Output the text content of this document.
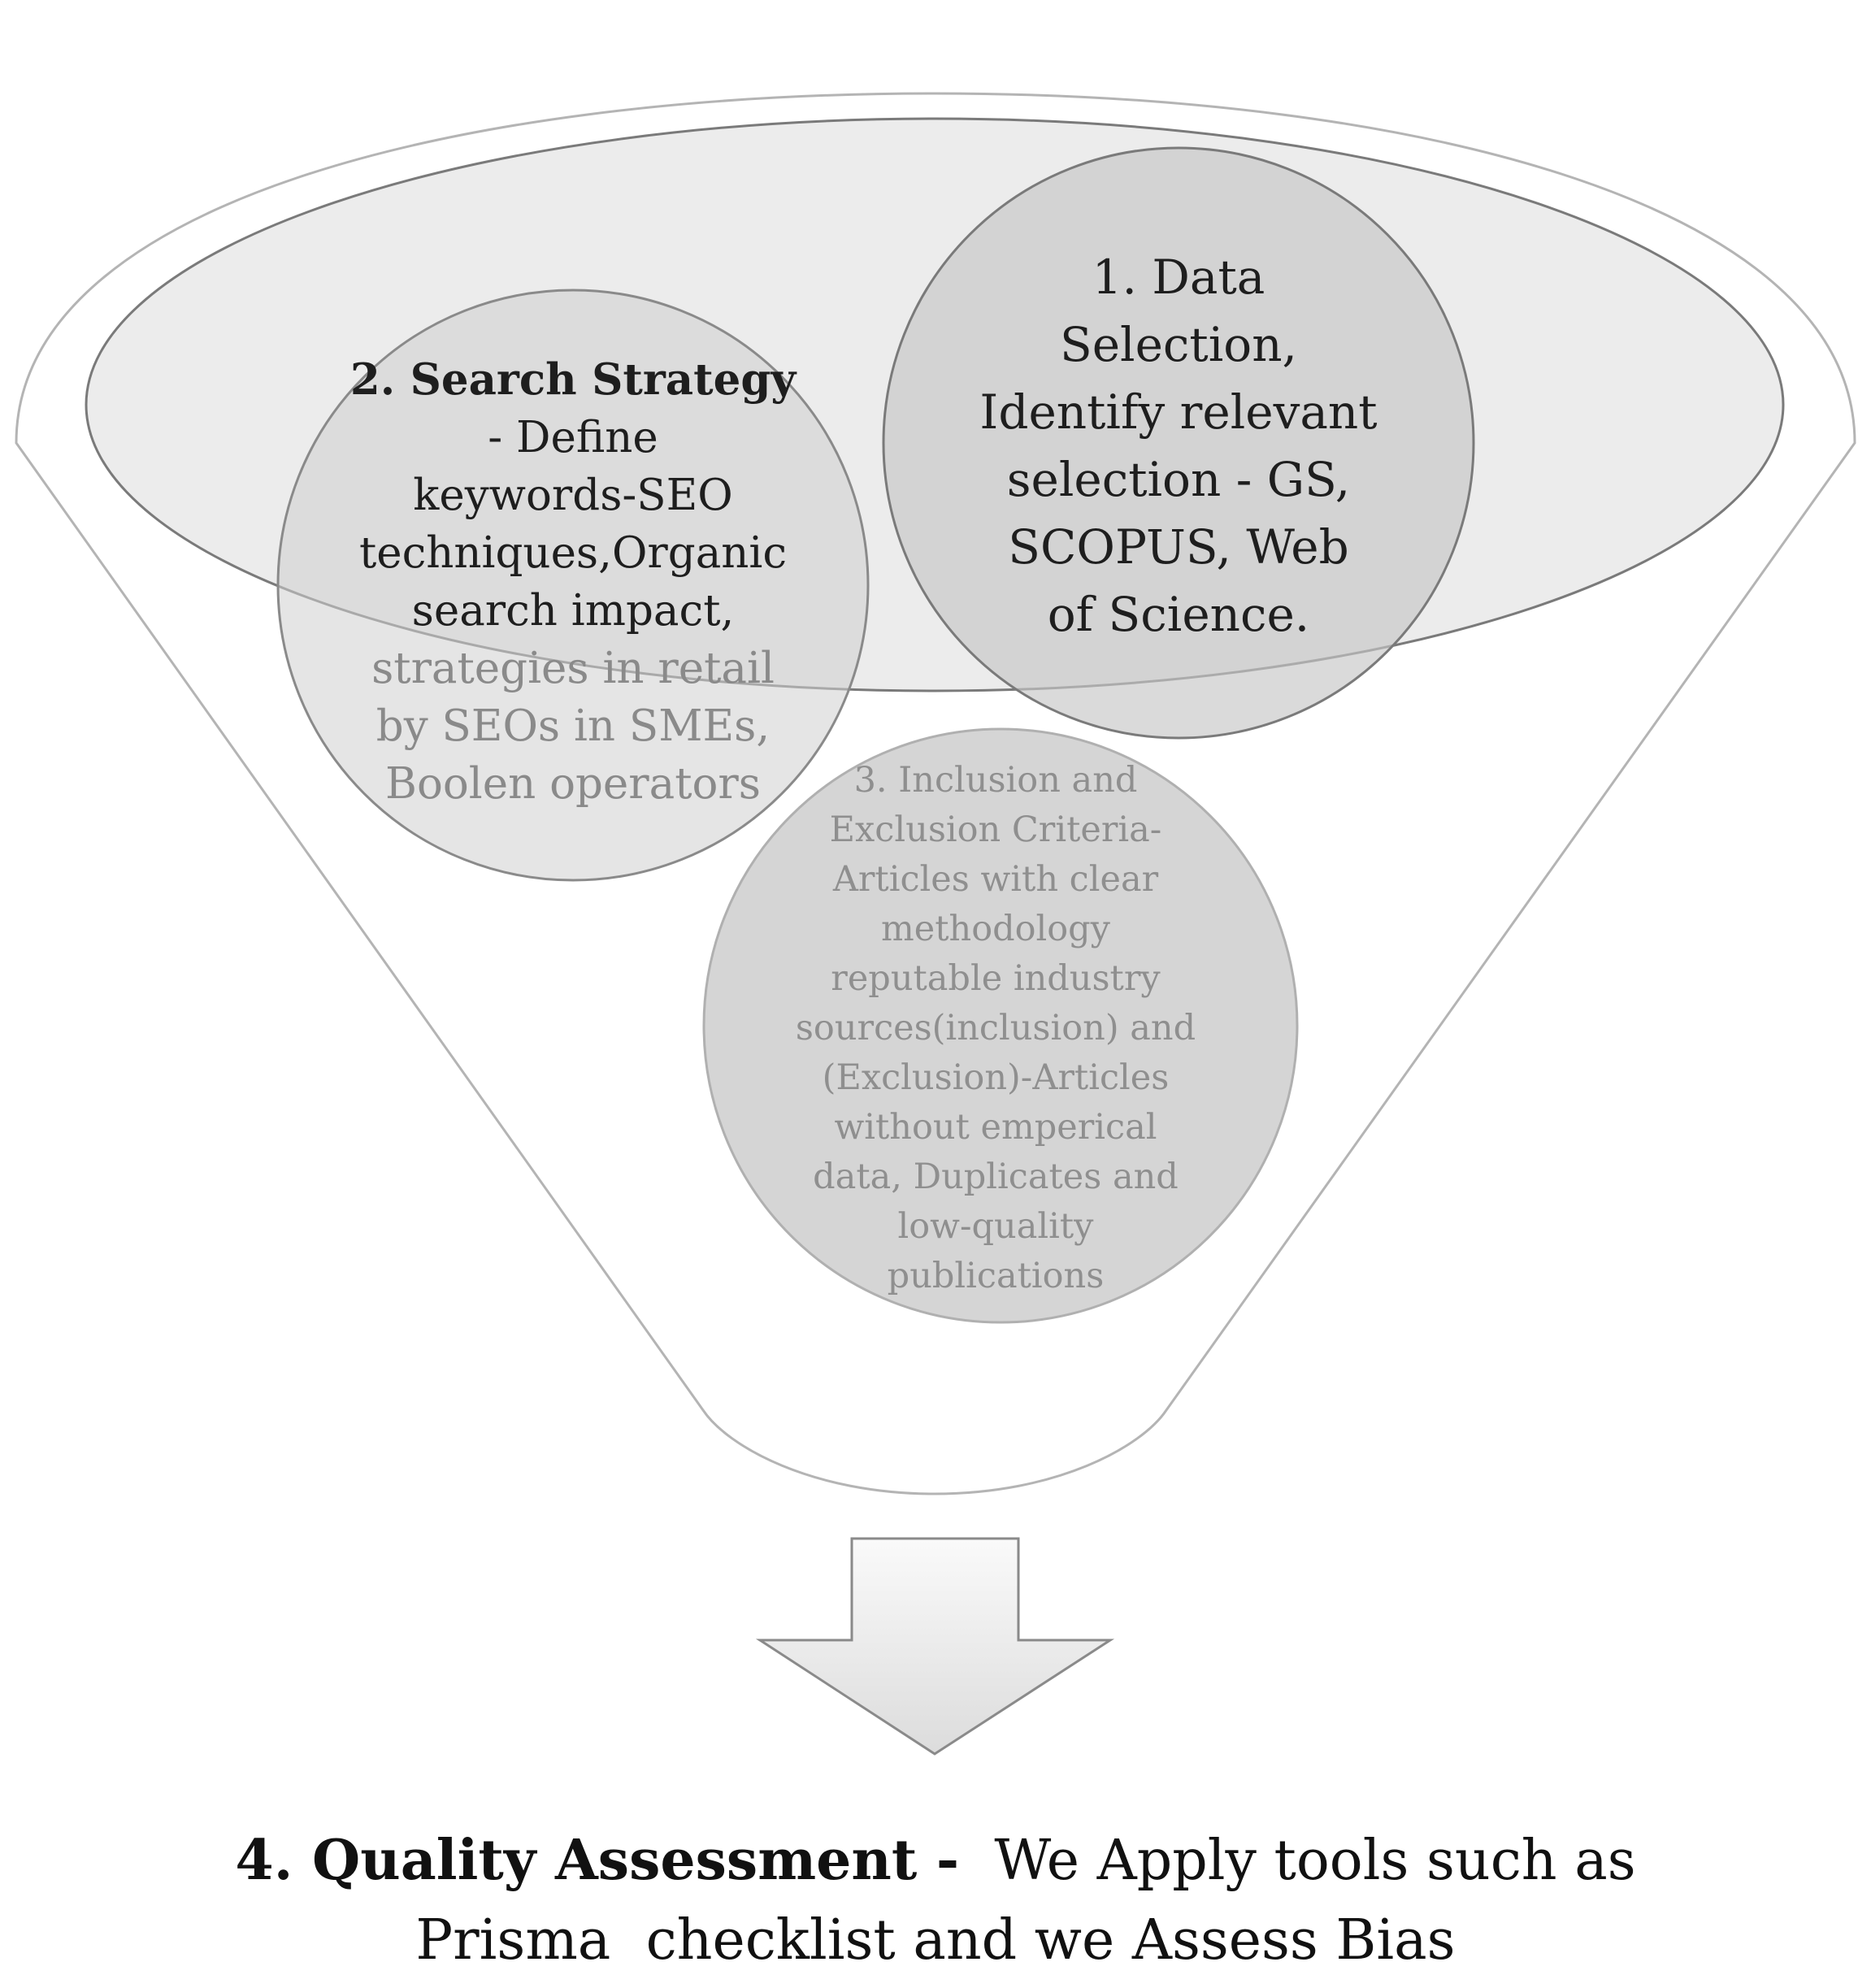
1. Data
Selection,
Identify relevant
selection - GS,
SCOPUS, Web
of Science.
2. Search Strategy
- Define
keywords-SEO
techniques,Organic
search impact,
strategies in retail
by SEOs in SMEs,
Boolen operators	3. Inclusion and
Exclusion Criteria-
Articles with clear
methodology
reputable industry
sources(inclusion) and
(Exclusion)-Articles
without emperical
data, Duplicates and
low-quality
publications
4. Quality Assessment -  We Apply tools such as
Prisma  checklist and we Assess Bias
